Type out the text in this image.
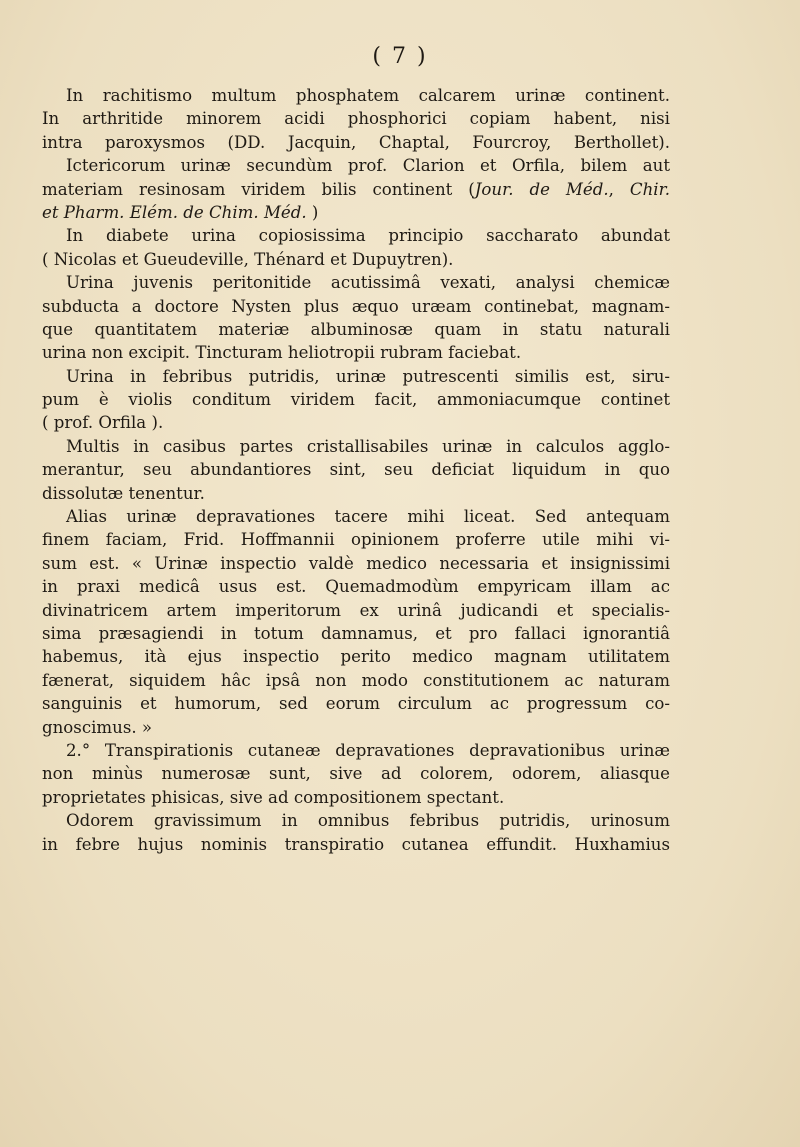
( 7 )
In rachitismo multum phosphatem calcarem urinæ continent.
In arthritide minorem acidi phosphorici copiam habent, nisi
intra paroxysmos (DD. Jacquin, Chaptal, Fourcroy, Berthollet).
Ictericorum urinæ secundùm prof. Clarion et Orfila, bilem aut
materiam resinosam viridem bilis continent (Jour. de Méd., Chir.
et Pharm. Elém. de Chim. Méd. )
In diabete urina copiosissima principio saccharato abundat
( Nicolas et Gueudeville, Thénard et Dupuytren).
Urina juvenis peritonitide acutissimâ vexati, analysi chemicæ
subducta a doctore Nysten plus æquo uræam continebat, magnam-
que quantitatem materiæ albuminosæ quam in statu naturali
urina non excipit. Tincturam heliotropii rubram faciebat.
Urina in febribus putridis, urinæ putrescenti similis est, siru-
pum è violis conditum viridem facit, ammoniacumque continet
( prof. Orfila ).
Multis in casibus partes cristallisabiles urinæ in calculos agglo-
merantur, seu abundantiores sint, seu deficiat liquidum in quo
dissolutæ tenentur.
Alias urinæ depravationes tacere mihi liceat. Sed antequam
finem faciam, Frid. Hoffmannii opinionem proferre utile mihi vi-
sum est. « Urinæ inspectio valdè medico necessaria et insignissimi
in praxi medicâ usus est. Quemadmodùm empyricam illam ac
divinatricem artem imperitorum ex urinâ judicandi et specialis-
sima præsagiendi in totum damnamus, et pro fallaci ignorantiâ
habemus, ità ejus inspectio perito medico magnam utilitatem
fænerat, siquidem hâc ipsâ non modo constitutionem ac naturam
sanguinis et humorum, sed eorum circulum ac progressum co-
gnoscimus. »
2.° Transpirationis cutaneæ depravationes depravationibus urinæ
non minùs numerosæ sunt, sive ad colorem, odorem, aliasque
proprietates phisicas, sive ad compositionem spectant.
Odorem gravissimum in omnibus febribus putridis, urinosum
in febre hujus nominis transpiratio cutanea effundit. Huxhamius
